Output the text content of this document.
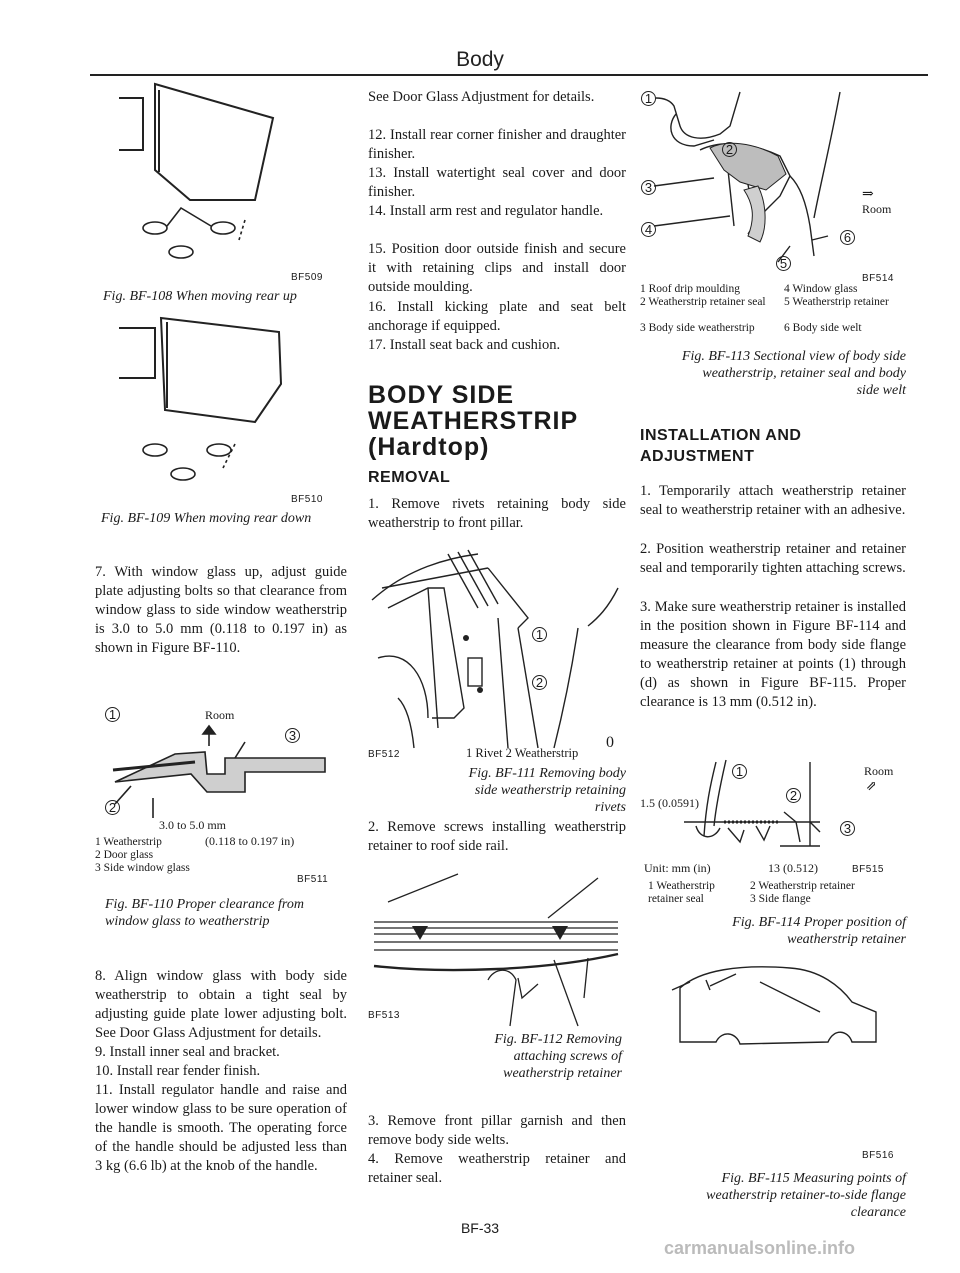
Body
BF509
Fig. BF-108 When moving rear up
BF510
Fig. BF-109 When moving rear down

7. With window glass up, adjust guide plate adjusting bolts so that clearance from window glass to side window weatherstrip is 3.0 to 5.0 mm (0.118 to 0.197 in) as shown in Figure BF-110.

1	Room
3
2
3.0 to 5.0 mm
1 Weatherstrip	(0.118 to 0.197 in)
2 Door glass
3 Side window glass
BF511
Fig. BF-110 Proper clearance from window glass to weatherstrip

8. Align window glass with body side weatherstrip to obtain a tight seal by adjusting guide plate lower adjusting bolt. See Door Glass Adjustment for details.

9. Install inner seal and bracket.

10. Install rear fender finish.

11. Install regulator handle and raise and lower window glass to be sure operation of the handle is smooth. The operating force of the handle should be adjusted less than 3 kg (6.6 lb) at the knob of the handle.

See Door Glass Adjustment for details.

12. Install rear corner finisher and draughter finisher.

13. Install watertight seal cover and door finisher.

14. Install arm rest and regulator handle.

15. Position door outside finish and secure it with retaining clips and install door outside moulding.

16. Install kicking plate and seat belt anchorage if equipped.

17. Install seat back and cushion.

BODY SIDE
WEATHERSTRIP
(Hardtop)
REMOVAL

1. Remove rivets retaining body side weatherstrip to front pillar.

1
2
0
BF512	1 Rivet 2 Weatherstrip
Fig. BF-111 Removing body side weatherstrip retaining rivets

2. Remove screws installing weatherstrip retainer to roof side rail.

BF513
Fig. BF-112 Removing attaching screws of weatherstrip retainer

3. Remove front pillar garnish and then remove body side welts.

4. Remove weatherstrip retainer and retainer seal.

1
2
3	⇒
Room
4
6
5
BF514
1 Roof drip moulding
2 Weatherstrip retainer seal
3 Body side weatherstrip
4 Window glass
5 Weatherstrip retainer
6 Body side welt
Fig. BF-113 Sectional view of body side weatherstrip, retainer seal and body side welt
INSTALLATION AND
ADJUSTMENT

1. Temporarily attach weatherstrip retainer seal to weatherstrip retainer with an adhesive.

2. Position weatherstrip retainer and retainer seal and temporarily tighten attaching screws.

3. Make sure weatherstrip retainer is installed in the position shown in Figure BF-114 and measure the clearance from body side flange to weatherstrip retainer at points (1) through (d) as shown in Figure BF-115. Proper clearance is 13 mm (0.512 in).

1
2
Room
⇗
1.5 (0.0591)
3
Unit: mm (in)	13 (0.512)	BF515
1 Weatherstrip retainer seal
2 Weatherstrip retainer
3 Side flange
Fig. BF-114 Proper position of weatherstrip retainer
BF516
Fig. BF-115 Measuring points of weatherstrip retainer-to-side flange clearance
BF-33
carmanualsonline.info
